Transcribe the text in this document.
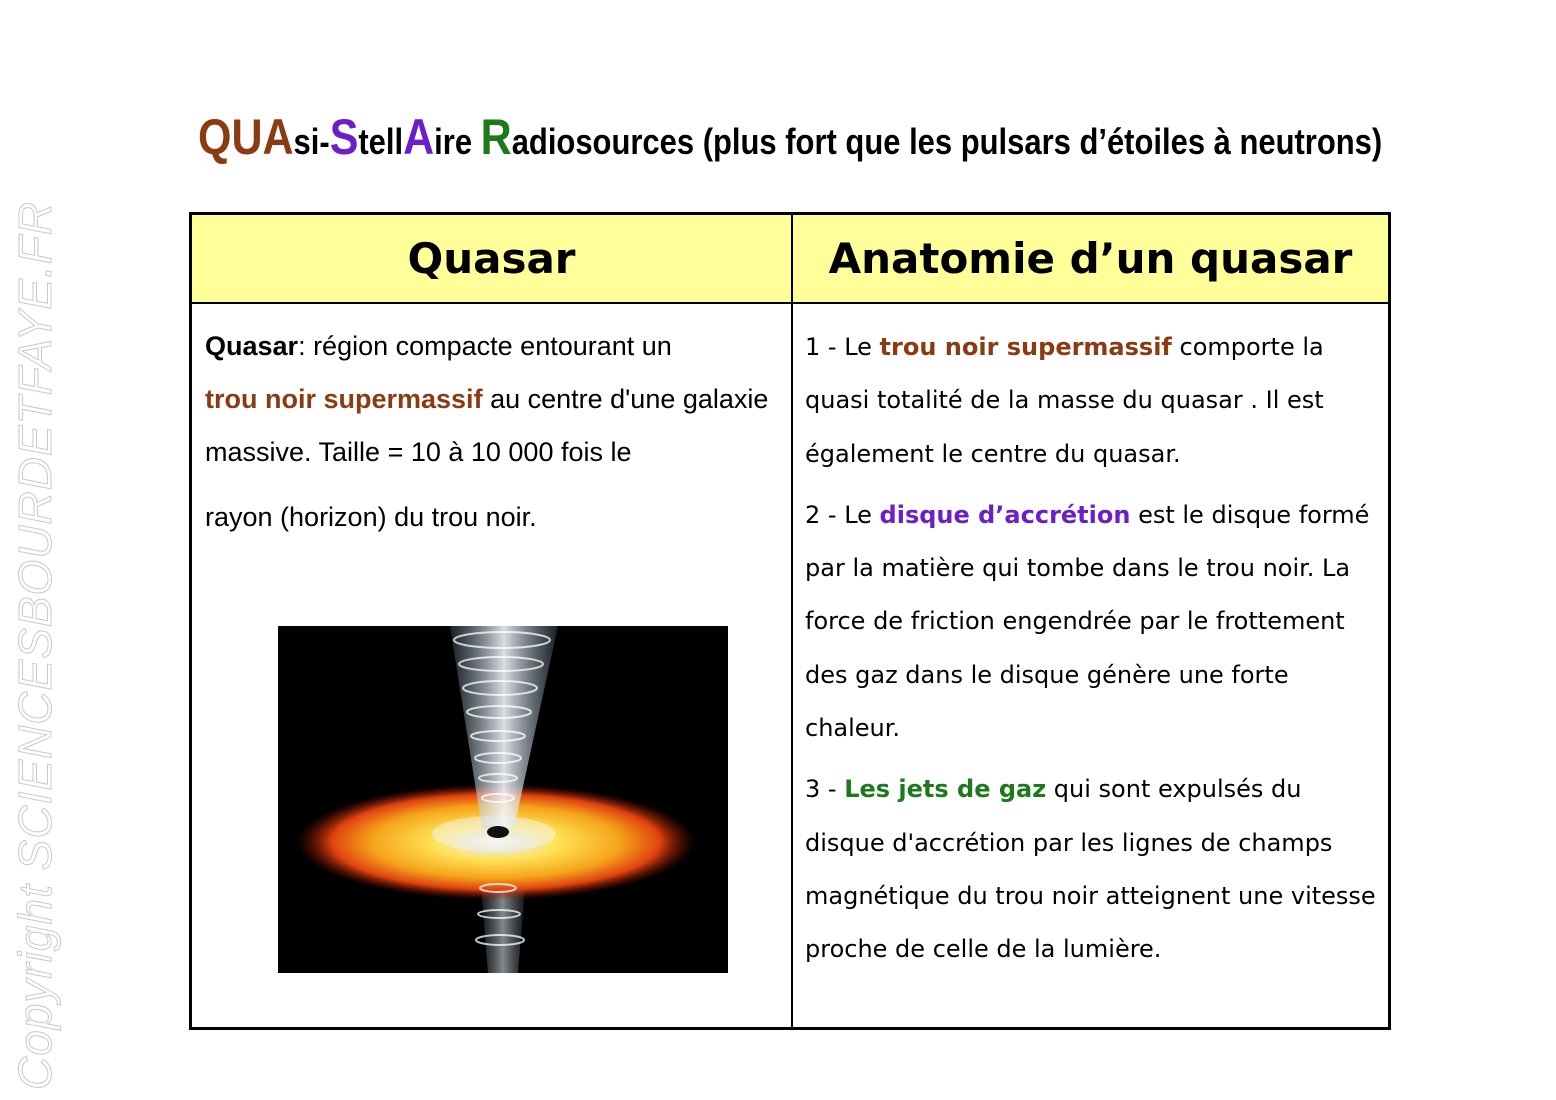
Copyright SCIENCESBOURDETFAYE.FR
QUAsi-StellAire Radiosources (plus fort que les pulsars d’étoiles à neutrons)
Quasar	Anatomie d’un quasar
Quasar: région compacte entourant un
trou noir supermassif au centre d'une galaxie massive. Taille = 10 à 10 000 fois le
rayon (horizon) du trou noir.

1 - Le trou noir supermassif comporte la quasi totalité de la masse du quasar . Il est également le centre du quasar.

2 - Le disque d’accrétion est le disque formé par la matière qui tombe dans le trou noir. La force de friction engendrée par le frottement des gaz dans le disque génère une forte chaleur.

3 - Les jets de gaz qui sont expulsés du disque d'accrétion par les lignes de champs magnétique du trou noir atteignent une vitesse proche de celle de la lumière.
